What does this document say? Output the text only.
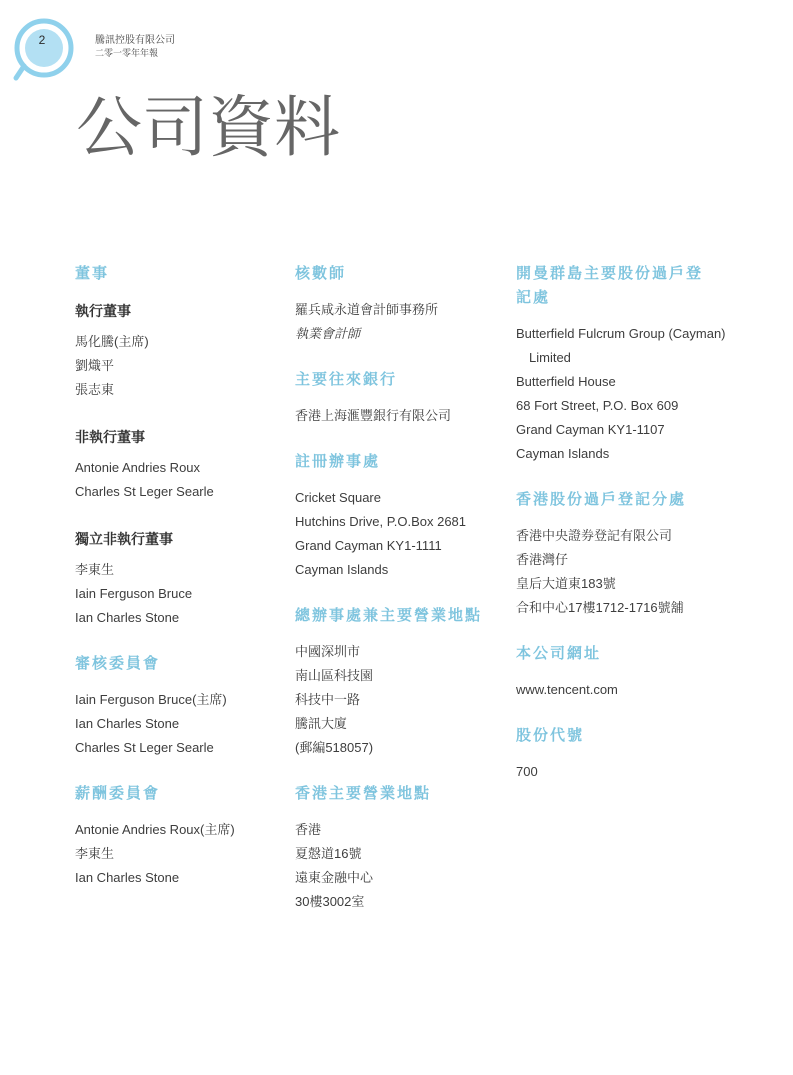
2	騰訊控股有限公司
二零一零年年報
公司資料

董事

執行董事

馬化騰(主席)

劉熾平

張志東

非執行董事

Antonie Andries Roux

Charles St Leger Searle

獨立非執行董事

李東生

Iain Ferguson Bruce

Ian Charles Stone

審核委員會

Iain Ferguson Bruce(主席)

Ian Charles Stone

Charles St Leger Searle

薪酬委員會

Antonie Andries Roux(主席)

李東生

Ian Charles Stone

核數師

羅兵咸永道會計師事務所

執業會計師

主要往來銀行

香港上海滙豐銀行有限公司

註冊辦事處

Cricket Square

Hutchins Drive, P.O.Box 2681

Grand Cayman KY1-1111

Cayman Islands

總辦事處兼主要營業地點

中國深圳市

南山區科技園

科技中一路

騰訊大廈

(郵編518057)

香港主要營業地點

香港

夏慤道16號

遠東金融中心

30樓3002室

開曼群島主要股份過戶登

記處

Butterfield Fulcrum Group (Cayman)

Limited

Butterfield House

68 Fort Street, P.O. Box 609

Grand Cayman KY1-1107

Cayman Islands

香港股份過戶登記分處

香港中央證券登記有限公司

香港灣仔

皇后大道東183號

合和中心17樓1712-1716號舖

本公司網址

www.tencent.com

股份代號

700
